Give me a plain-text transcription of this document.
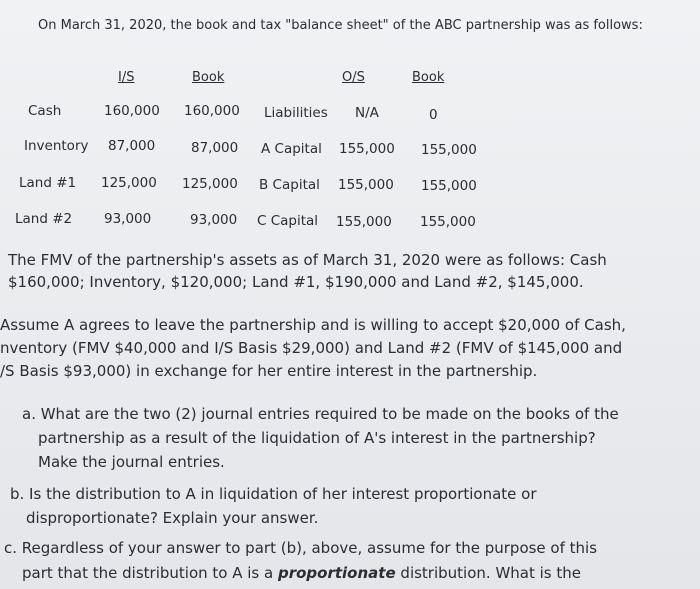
On March 31, 2020, the book and tax "balance sheet" of the ABC partnership was as follows:
I/S	Book	O/S	Book
Cash	160,000 160,000 Liabilities N/A	0
Inventory 87,000	87,000 A Capital 155,000 155,000
Land #1 125,000 125,000 B Capital 155,000 155,000
Land #2 93,000	93,000 C Capital 155,000 155,000
The FMV of the partnership's assets as of March 31, 2020 were as follows: Cash
$160,000; Inventory, $120,000; Land #1, $190,000 and Land #2, $145,000.
Assume A agrees to leave the partnership and is willing to accept $20,000 of Cash,
nventory (FMV $40,000 and I/S Basis $29,000) and Land #2 (FMV of $145,000 and
/S Basis $93,000) in exchange for her entire interest in the partnership.
a. What are the two (2) journal entries required to be made on the books of the
partnership as a result of the liquidation of A's interest in the partnership?
Make the journal entries.
b. Is the distribution to A in liquidation of her interest proportionate or
disproportionate? Explain your answer.
c. Regardless of your answer to part (b), above, assume for the purpose of this
part that the distribution to A is a proportionate distribution. What is the
